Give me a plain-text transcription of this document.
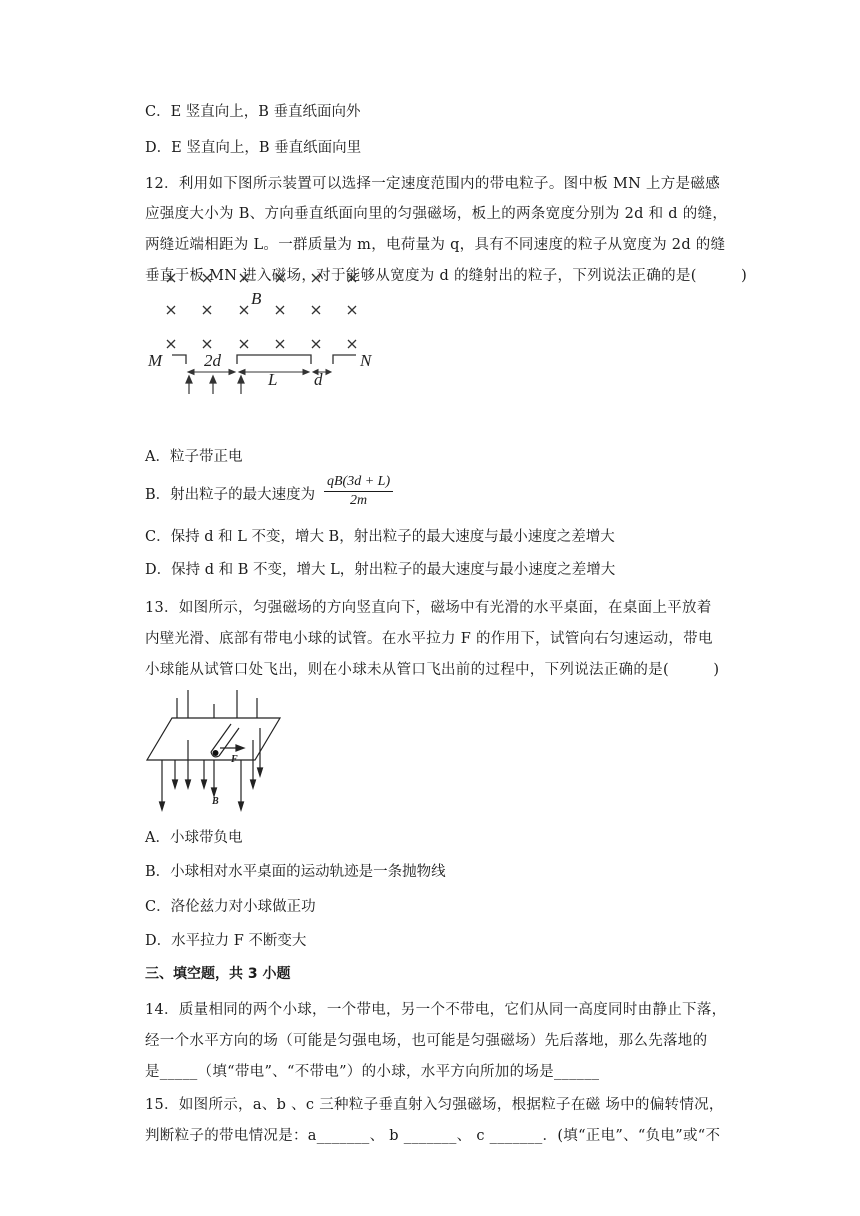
C．E 竖直向上，B 垂直纸面向外
D．E 竖直向上，B 垂直纸面向里
12．利用如下图所示装置可以选择一定速度范围内的带电粒子。图中板 MN 上方是磁感
应强度大小为 B、方向垂直纸面向里的匀强磁场，板上的两条宽度分别为 2d 和 d 的缝，
两缝近端相距为 L。一群质量为 m，电荷量为 q，具有不同速度的粒子从宽度为 2d 的缝
垂直于板 MN 进入磁场，对于能够从宽度为 d 的缝射出的粒子，下列说法正确的是(　　　)
B
M	N
2d
L d
A．粒子带正电
B．射出粒子的最大速度为 $\frac{qB(3d + L)}{2m}$
C．保持 d 和 L 不变，增大 B，射出粒子的最大速度与最小速度之差增大
D．保持 d 和 B 不变，增大 L，射出粒子的最大速度与最小速度之差增大
13．如图所示，匀强磁场的方向竖直向下，磁场中有光滑的水平桌面，在桌面上平放着
内壁光滑、底部有带电小球的试管。在水平拉力 F 的作用下，试管向右匀速运动，带电
小球能从试管口处飞出，则在小球未从管口飞出前的过程中，下列说法正确的是(　　　)
F
B
A．小球带负电
B．小球相对水平桌面的运动轨迹是一条抛物线
C．洛伦兹力对小球做正功
D．水平拉力 F 不断变大
三、填空题，共 3 小题
14．质量相同的两个小球，一个带电，另一个不带电，它们从同一高度同时由静止下落，
经一个水平方向的场（可能是匀强电场，也可能是匀强磁场）先后落地，那么先落地的
是_____（填“带电”、“不带电”）的小球，水平方向所加的场是______
15．如图所示，a、b 、c 三种粒子垂直射入匀强磁场，根据粒子在磁 场中的偏转情况，
判断粒子的带电情况是：a_______、 b _______、 c _______．(填“正电”、“负电”或“不
